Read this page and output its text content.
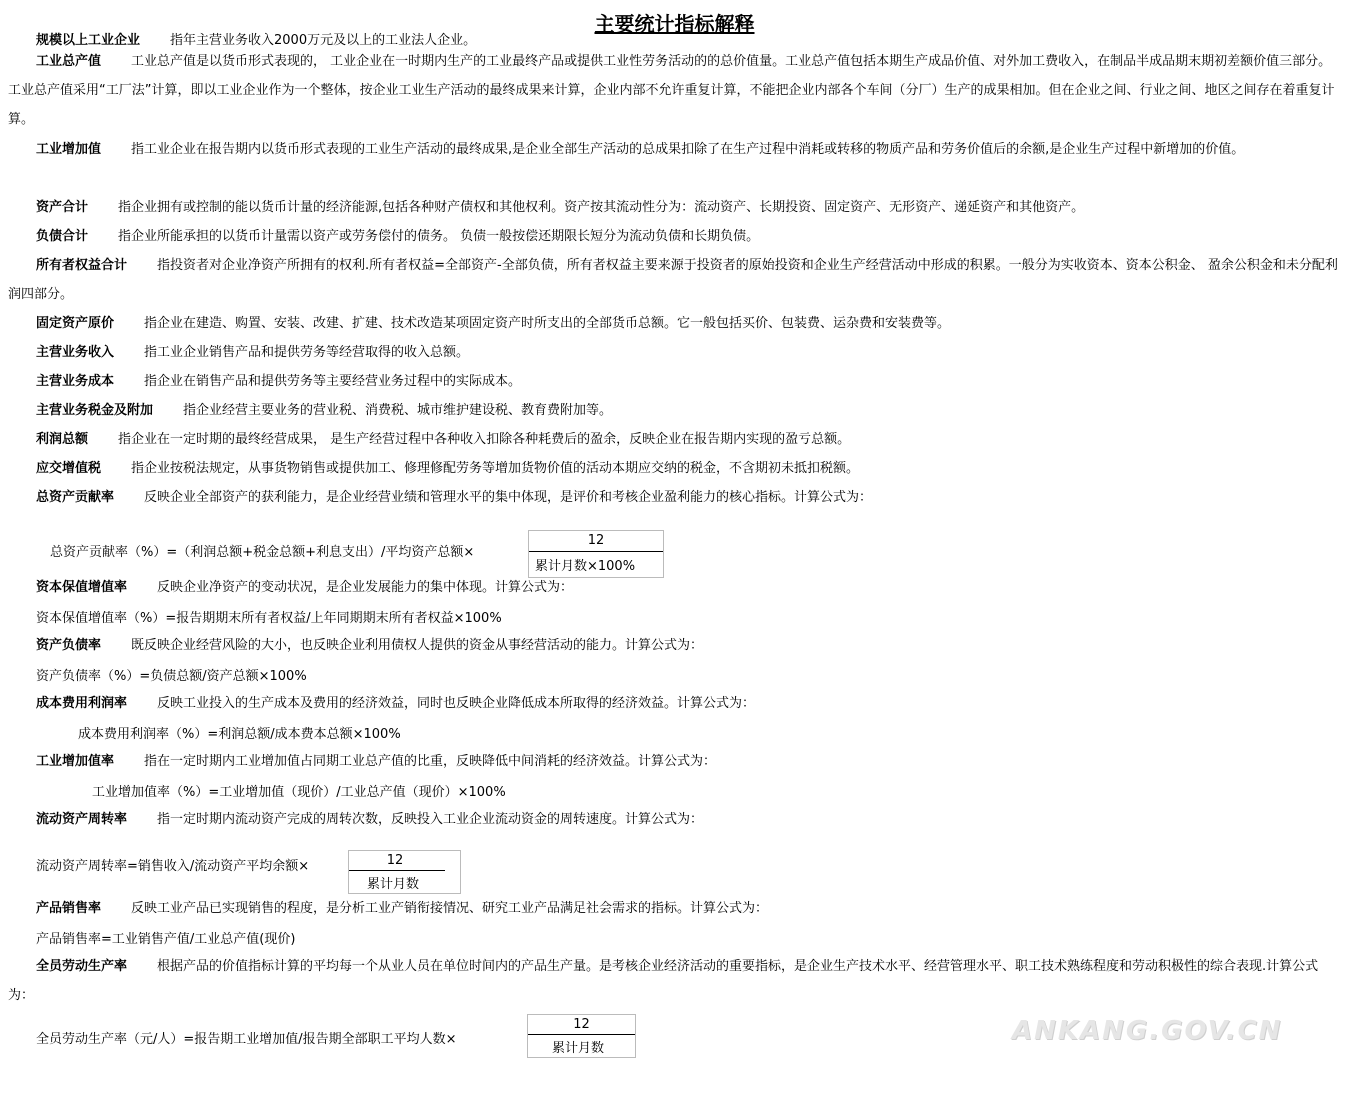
主要统计指标解释

规模以上工业企业 指年主营业务收入2000万元及以上的工业法人企业。

工业总产值 工业总产值是以货币形式表现的， 工业企业在一时期内生产的工业最终产品或提供工业性劳务活动的的总价值量。工业总产值包括本期生产成品价值、对外加工费收入，在制品半成品期末期初差额价值三部分。工业总产值采用“工厂法”计算，即以工业企业作为一个整体，按企业工业生产活动的最终成果来计算，企业内部不允许重复计算，不能把企业内部各个车间（分厂）生产的成果相加。但在企业之间、行业之间、地区之间存在着重复计算。

工业增加值 指工业企业在报告期内以货币形式表现的工业生产活动的最终成果,是企业全部生产活动的总成果扣除了在生产过程中消耗或转移的物质产品和劳务价值后的余额,是企业生产过程中新增加的价值。

资产合计 指企业拥有或控制的能以货币计量的经济能源,包括各种财产债权和其他权利。资产按其流动性分为：流动资产、长期投资、固定资产、无形资产、递延资产和其他资产。

负债合计 指企业所能承担的以货币计量需以资产或劳务偿付的债务。 负债一般按偿还期限长短分为流动负债和长期负债。

所有者权益合计 指投资者对企业净资产所拥有的权利.所有者权益=全部资产-全部负债，所有者权益主要来源于投资者的原始投资和企业生产经营活动中形成的积累。一般分为实收资本、资本公积金、 盈余公积金和未分配利润四部分。

固定资产原价 指企业在建造、购置、安装、改建、扩建、技术改造某项固定资产时所支出的全部货币总额。它一般包括买价、包装费、运杂费和安装费等。

主营业务收入 指工业企业销售产品和提供劳务等经营取得的收入总额。

主营业务成本 指企业在销售产品和提供劳务等主要经营业务过程中的实际成本。

主营业务税金及附加 指企业经营主要业务的营业税、消费税、城市维护建设税、教育费附加等。

利润总额 指企业在一定时期的最终经营成果， 是生产经营过程中各种收入扣除各种耗费后的盈余，反映企业在报告期内实现的盈亏总额。

应交增值税 指企业按税法规定，从事货物销售或提供加工、修理修配劳务等增加货物价值的活动本期应交纳的税金，不含期初未抵扣税额。

总资产贡献率 反映企业全部资产的获利能力，是企业经营业绩和管理水平的集中体现，是评价和考核企业盈利能力的核心指标。计算公式为：

总资产贡献率（%）=（利润总额+税金总额+利息支出）/平均资产总额×
12
累计月数×100%

资本保值增值率 反映企业净资产的变动状况，是企业发展能力的集中体现。计算公式为：

资本保值增值率（%）=报告期期末所有者权益/上年同期期末所有者权益×100%

资产负债率 既反映企业经营风险的大小，也反映企业利用债权人提供的资金从事经营活动的能力。计算公式为：

资产负债率（%）=负债总额/资产总额×100%

成本费用利润率 反映工业投入的生产成本及费用的经济效益，同时也反映企业降低成本所取得的经济效益。计算公式为：

成本费用利润率（%）=利润总额/成本费本总额×100%

工业增加值率 指在一定时期内工业增加值占同期工业总产值的比重，反映降低中间消耗的经济效益。计算公式为：

工业增加值率（%）=工业增加值（现价）/工业总产值（现价）×100%

流动资产周转率 指一定时期内流动资产完成的周转次数，反映投入工业企业流动资金的周转速度。计算公式为：

流动资产周转率=销售收入/流动资产平均余额×	12
累计月数

产品销售率 反映工业产品已实现销售的程度，是分析工业产销衔接情况、研究工业产品满足社会需求的指标。计算公式为：

产品销售率=工业销售产值/工业总产值(现价)

全员劳动生产率 根据产品的价值指标计算的平均每一个从业人员在单位时间内的产品生产量。是考核企业经济活动的重要指标，是企业生产技术水平、经营管理水平、职工技术熟练程度和劳动积极性的综合表现.计算公式为：

全员劳动生产率（元/人）=报告期工业增加值/报告期全部职工平均人数×
12
累计月数
ANKANG.GOV.CN
